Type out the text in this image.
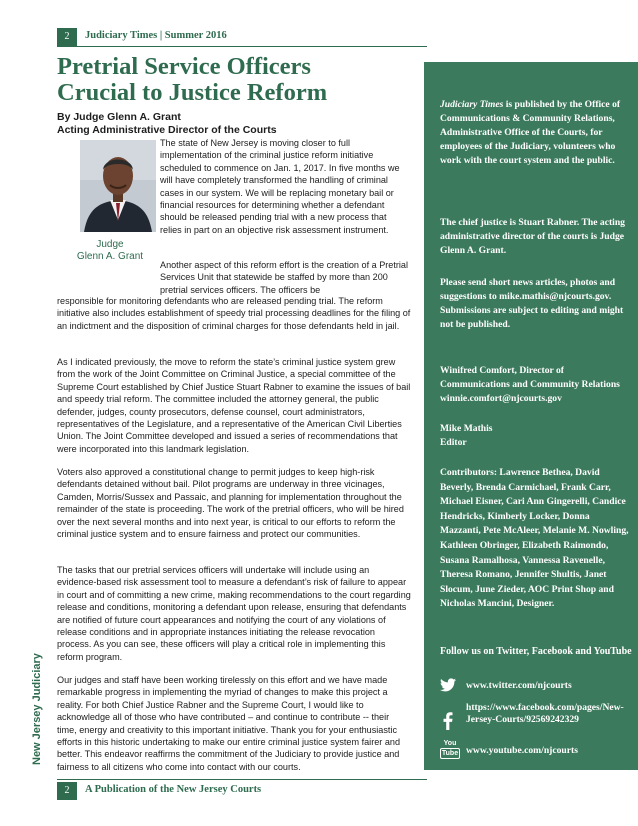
2	Judiciary Times | Summer 2016
Pretrial Service Officers
Crucial to Justice Reform
By Judge Glenn A. Grant
Acting Administrative Director of the Courts
Judge
Glenn A. Grant

The state of New Jersey is moving closer to full implementation of the criminal justice reform initiative scheduled to commence on Jan. 1, 2017. In five months we will have completely transformed the handling of criminal cases in our system. We will be replacing monetary bail or financial resources for determining whether a defendant should be released pending trial with a new process that relies in part on an objective risk assessment instrument.

Another aspect of this reform effort is the creation of a Pretrial Services Unit that statewide be staffed by more than 200 pretrial services officers. The officers be

responsible for monitoring defendants who are released pending trial. The reform initiative also includes establishment of speedy trial processing deadlines for the filing of an indictment and the disposition of criminal charges for those defendants held in jail.

As I indicated previously, the move to reform the state’s criminal justice system grew from the work of the Joint Committee on Criminal Justice, a special committee of the Supreme Court established by Chief Justice Stuart Rabner to examine the issues of bail and speedy trial reform. The committee included the attorney general, the public defender, judges, county prosecutors, defense counsel, court administrators, representatives of the Legislature, and a representative of the American Civil Liberties Union. The Joint Committee developed and issued a series of recommendations that were incorporated into this landmark legislation.

Voters also approved a constitutional change to permit judges to keep high-risk defendants detained without bail. Pilot programs are underway in three vicinages, Camden, Morris/Sussex and Passaic, and planning for implementation throughout the remainder of the state is proceeding. The work of the pretrial officers, who will be hired over the next several months and into next year, is critical to our efforts to reform the criminal justice system and to ensure fairness and protect our communities.

The tasks that our pretrial services officers will undertake will include using an evidence-based risk assessment tool to measure a defendant’s risk of failure to appear in court and of committing a new crime, making recommendations to the court regarding release and conditions, monitoring a defendant upon release, ensuring that defendants are notified of future court appearances and notifying the court of any violations of release conditions and in appropriate instances initiating the release revocation process. As you can see, these officers will play a critical role in implementing this reform program.

Our judges and staff have been working tirelessly on this effort and we have made remarkable progress in implementing the myriad of changes to make this project a reality. For both Chief Justice Rabner and the Supreme Court, I would like to acknowledge all of those who have contributed – and continue to contribute -- their time, energy and creativity to this important initiative. Thank you for your enthusiastic efforts in this historic undertaking to make our entire criminal justice system fairer and better. This endeavor reaffirms the commitment of the Judiciary to provide justice and fairness to all citizens who come into contact with our courts.

New Jersey Judiciary

Judiciary Times is published by the Office of Communications & Community Relations, Administrative Office of the Courts, for employees of the Judiciary, volunteers who work with the court system and the public.

The chief justice is Stuart Rabner. The acting administrative director of the courts is Judge Glenn A. Grant.

Please send short news articles, photos and suggestions to mike.mathis@njcourts.gov. Submissions are subject to editing and might not be published.

Winifred Comfort, Director of Communications and Community Relations
winnie.comfort@njcourts.gov

Mike Mathis
Editor

Contributors: Lawrence Bethea, David Beverly, Brenda Carmichael, Frank Carr, Michael Eisner, Cari Ann Gingerelli, Candice Hendricks, Kimberly Locker, Donna Mazzanti, Pete McAleer, Melanie M. Nowling, Kathleen Obringer, Elizabeth Raimondo, Susana Ramalhosa, Vannessa Ravenelle, Theresa Romano, Jennifer Shultis, Janet Slocum, June Zieder, AOC Print Shop and Nicholas Mancini, Designer.

Follow us on Twitter, Facebook and YouTube

www.twitter.com/njcourts
https://www.facebook.com/pages/New-Jersey-Courts/92569242329
You
Tube www.youtube.com/njcourts
2	A Publication of the New Jersey Courts
